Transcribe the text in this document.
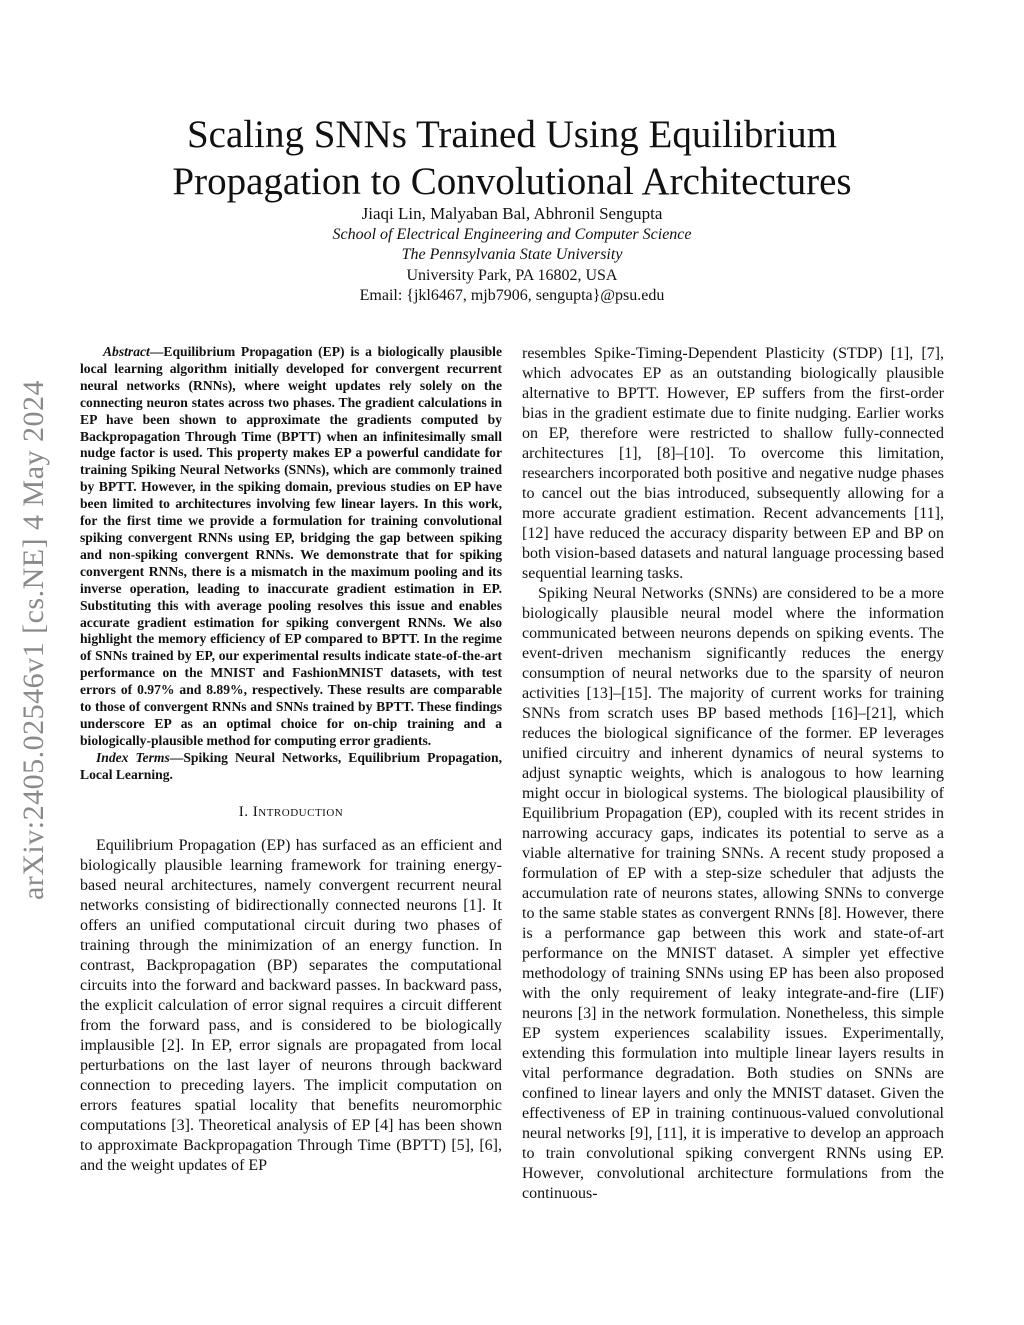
arXiv:2405.02546v1 [cs.NE] 4 May 2024
Scaling SNNs Trained Using Equilibrium
Propagation to Convolutional Architectures
Jiaqi Lin, Malyaban Bal, Abhronil Sengupta
School of Electrical Engineering and Computer Science
The Pennsylvania State University
University Park, PA 16802, USA
Email: {jkl6467, mjb7906, sengupta}@psu.edu

Abstract—Equilibrium Propagation (EP) is a biologically plausible local learning algorithm initially developed for convergent recurrent neural networks (RNNs), where weight updates rely solely on the connecting neuron states across two phases. The gradient calculations in EP have been shown to approximate the gradients computed by Backpropagation Through Time (BPTT) when an infinitesimally small nudge factor is used. This property makes EP a powerful candidate for training Spiking Neural Networks (SNNs), which are commonly trained by BPTT. However, in the spiking domain, previous studies on EP have been limited to architectures involving few linear layers. In this work, for the first time we provide a formulation for training convolutional spiking convergent RNNs using EP, bridging the gap between spiking and non-spiking convergent RNNs. We demonstrate that for spiking convergent RNNs, there is a mismatch in the maximum pooling and its inverse operation, leading to inaccurate gradient estimation in EP. Substituting this with average pooling resolves this issue and enables accurate gradient estimation for spiking convergent RNNs. We also highlight the memory efficiency of EP compared to BPTT. In the regime of SNNs trained by EP, our experimental results indicate state-of-the-art performance on the MNIST and FashionMNIST datasets, with test errors of 0.97% and 8.89%, respectively. These results are comparable to those of convergent RNNs and SNNs trained by BPTT. These findings underscore EP as an optimal choice for on-chip training and a biologically-plausible method for computing error gradients.

Index Terms—Spiking Neural Networks, Equilibrium Propagation, Local Learning.

I. Introduction

Equilibrium Propagation (EP) has surfaced as an efficient and biologically plausible learning framework for training energy-based neural architectures, namely convergent recurrent neural networks consisting of bidirectionally connected neurons [1]. It offers an unified computational circuit during two phases of training through the minimization of an energy function. In contrast, Backpropagation (BP) separates the computational circuits into the forward and backward passes. In backward pass, the explicit calculation of error signal requires a circuit different from the forward pass, and is considered to be biologically implausible [2]. In EP, error signals are propagated from local perturbations on the last layer of neurons through backward connection to preceding layers. The implicit computation on errors features spatial locality that benefits neuromorphic computations [3]. Theoretical analysis of EP [4] has been shown to approximate Backpropagation Through Time (BPTT) [5], [6], and the weight updates of EP

resembles Spike-Timing-Dependent Plasticity (STDP) [1], [7], which advocates EP as an outstanding biologically plausible alternative to BPTT. However, EP suffers from the first-order bias in the gradient estimate due to finite nudging. Earlier works on EP, therefore were restricted to shallow fully-connected architectures [1], [8]–[10]. To overcome this limitation, researchers incorporated both positive and negative nudge phases to cancel out the bias introduced, subsequently allowing for a more accurate gradient estimation. Recent advancements [11], [12] have reduced the accuracy disparity between EP and BP on both vision-based datasets and natural language processing based sequential learning tasks.

Spiking Neural Networks (SNNs) are considered to be a more biologically plausible neural model where the information communicated between neurons depends on spiking events. The event-driven mechanism significantly reduces the energy consumption of neural networks due to the sparsity of neuron activities [13]–[15]. The majority of current works for training SNNs from scratch uses BP based methods [16]–[21], which reduces the biological significance of the former. EP leverages unified circuitry and inherent dynamics of neural systems to adjust synaptic weights, which is analogous to how learning might occur in biological systems. The biological plausibility of Equilibrium Propagation (EP), coupled with its recent strides in narrowing accuracy gaps, indicates its potential to serve as a viable alternative for training SNNs. A recent study proposed a formulation of EP with a step-size scheduler that adjusts the accumulation rate of neurons states, allowing SNNs to converge to the same stable states as convergent RNNs [8]. However, there is a performance gap between this work and state-of-art performance on the MNIST dataset. A simpler yet effective methodology of training SNNs using EP has been also proposed with the only requirement of leaky integrate-and-fire (LIF) neurons [3] in the network formulation. Nonetheless, this simple EP system experiences scalability issues. Experimentally, extending this formulation into multiple linear layers results in vital performance degradation. Both studies on SNNs are confined to linear layers and only the MNIST dataset. Given the effectiveness of EP in training continuous-valued convolutional neural networks [9], [11], it is imperative to develop an approach to train convolutional spiking convergent RNNs using EP. However, convolutional architecture formulations from the continuous-
